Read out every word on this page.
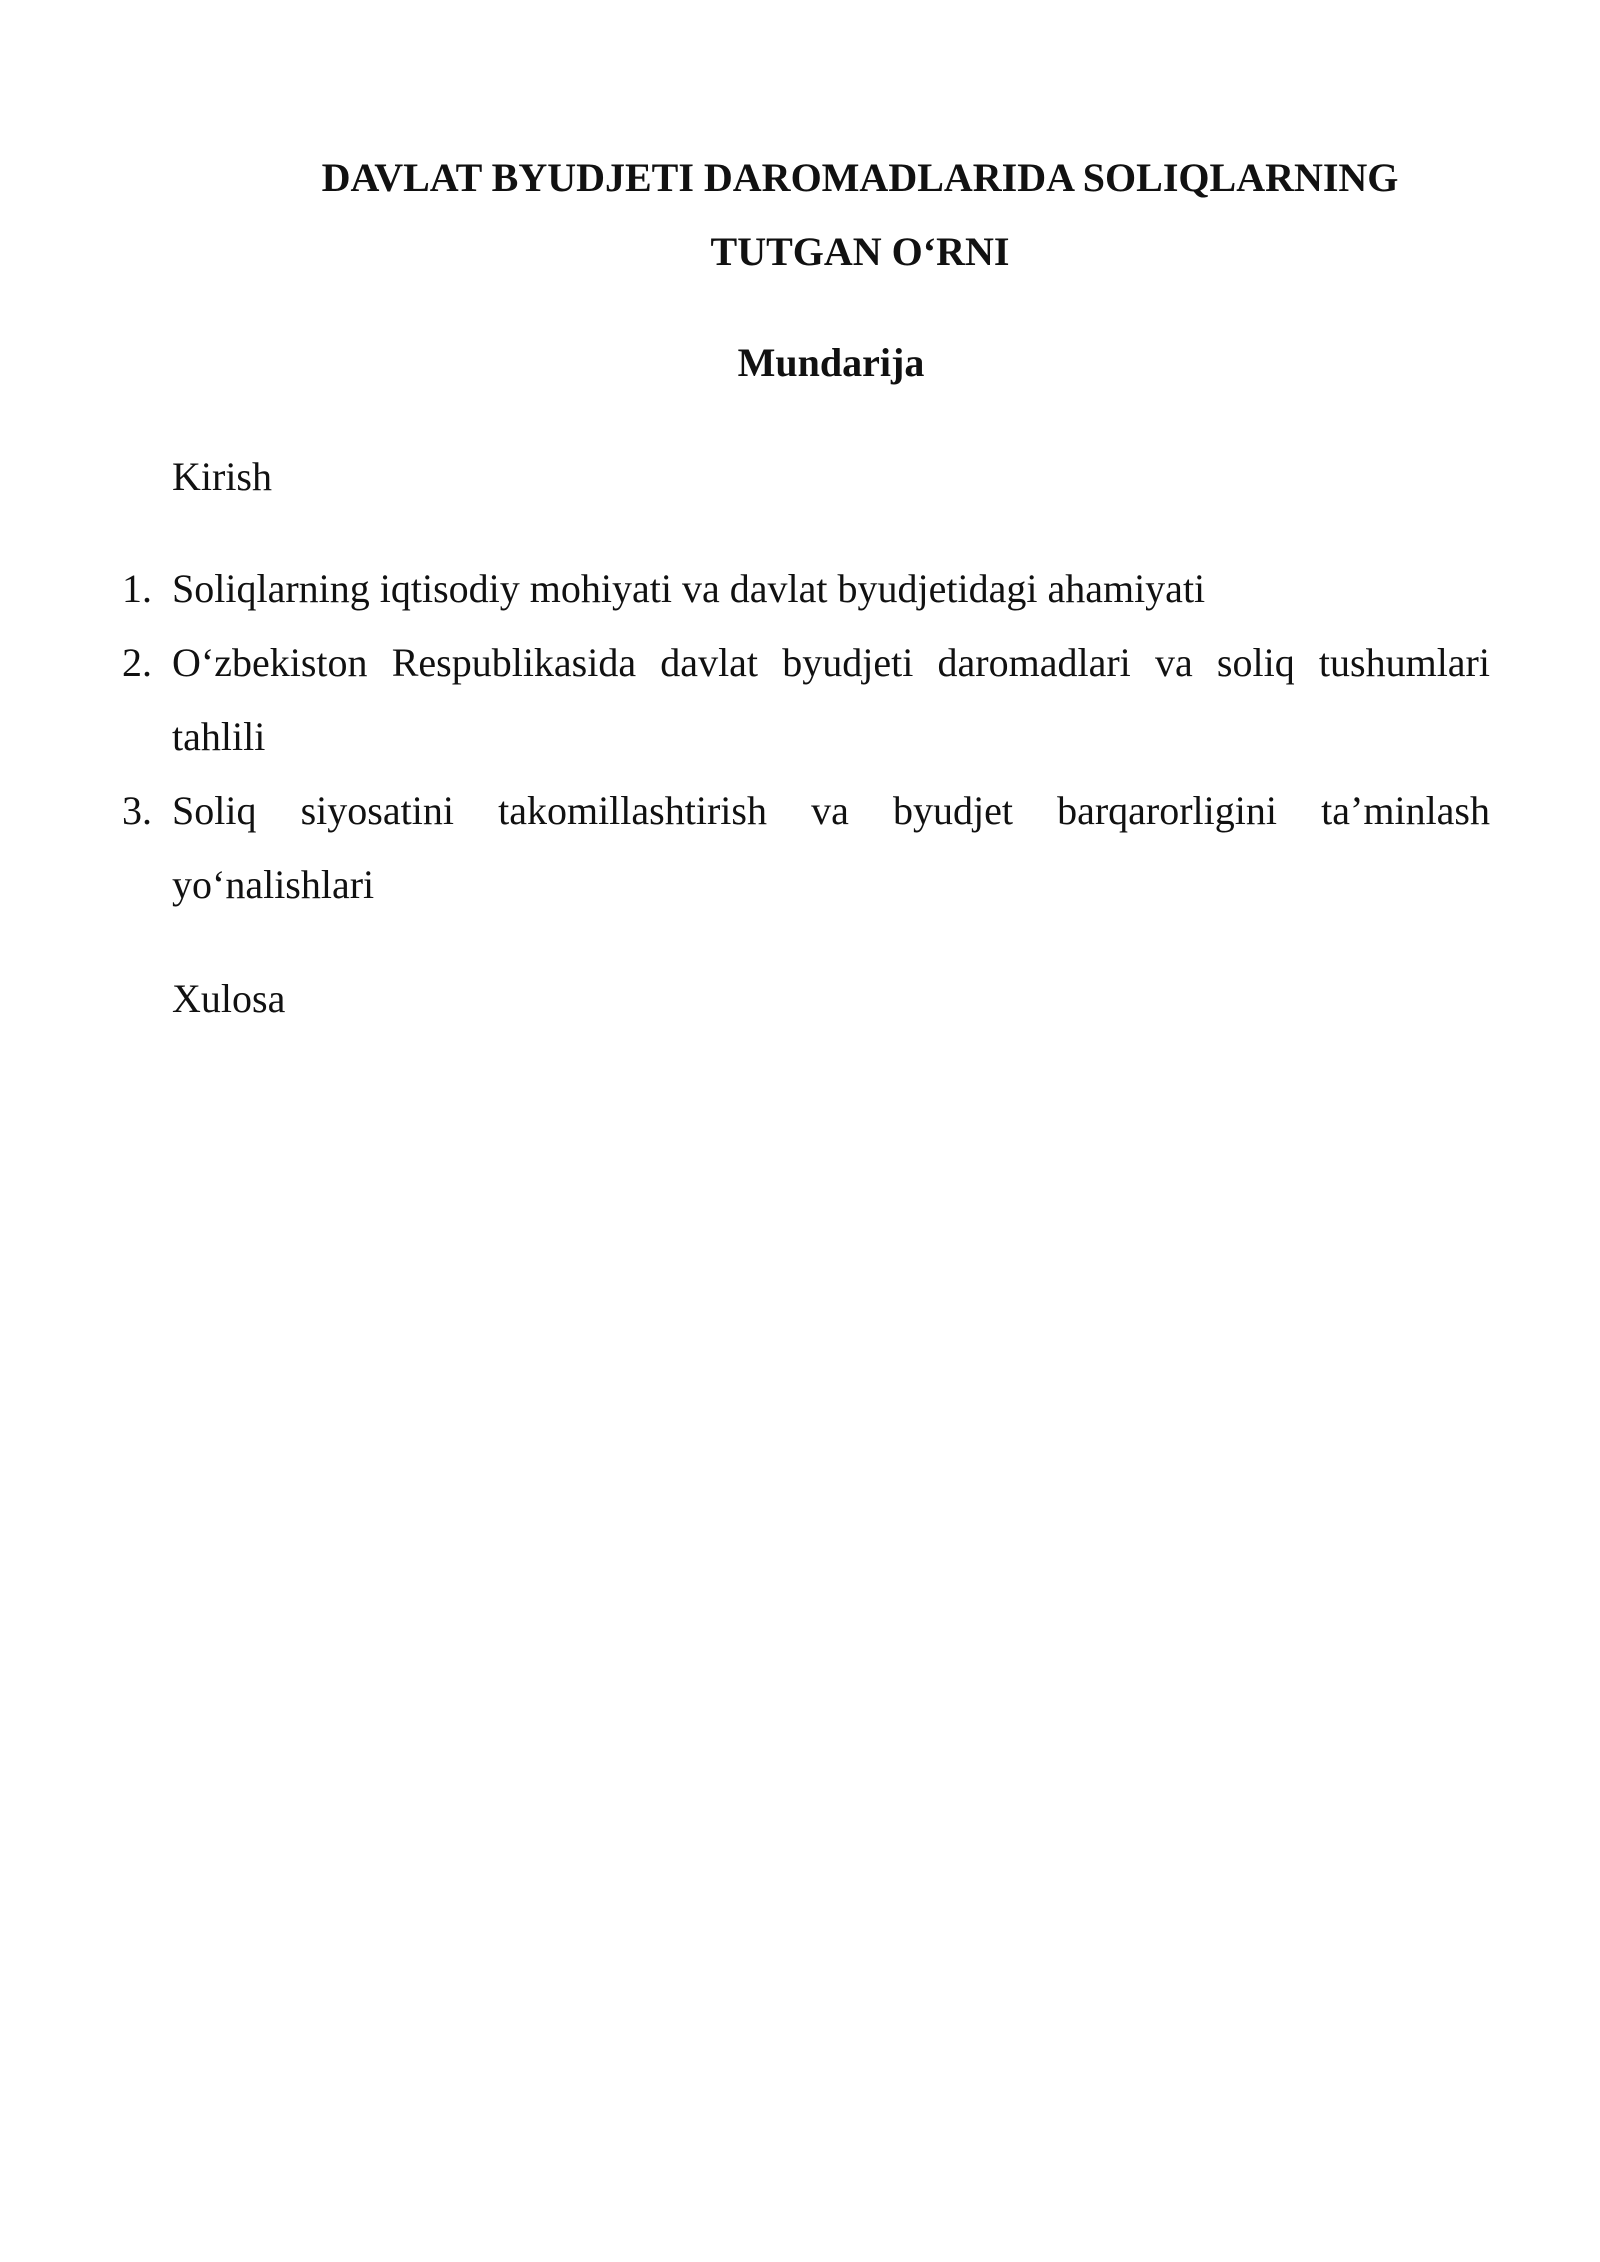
DAVLAT BYUDJETI DAROMADLARIDA SOLIQLARNING
TUTGAN O‘RNI
Mundarija

Kirish

1. Soliqlarning iqtisodiy mohiyati va davlat byudjetidagi ahamiyati
2. O‘zbekiston Respublikasida davlat byudjeti daromadlari va soliq tushumlari tahlili
3. Soliq siyosatini takomillashtirish va byudjet barqarorligini ta’minlash yo‘nalishlari

Xulosa
